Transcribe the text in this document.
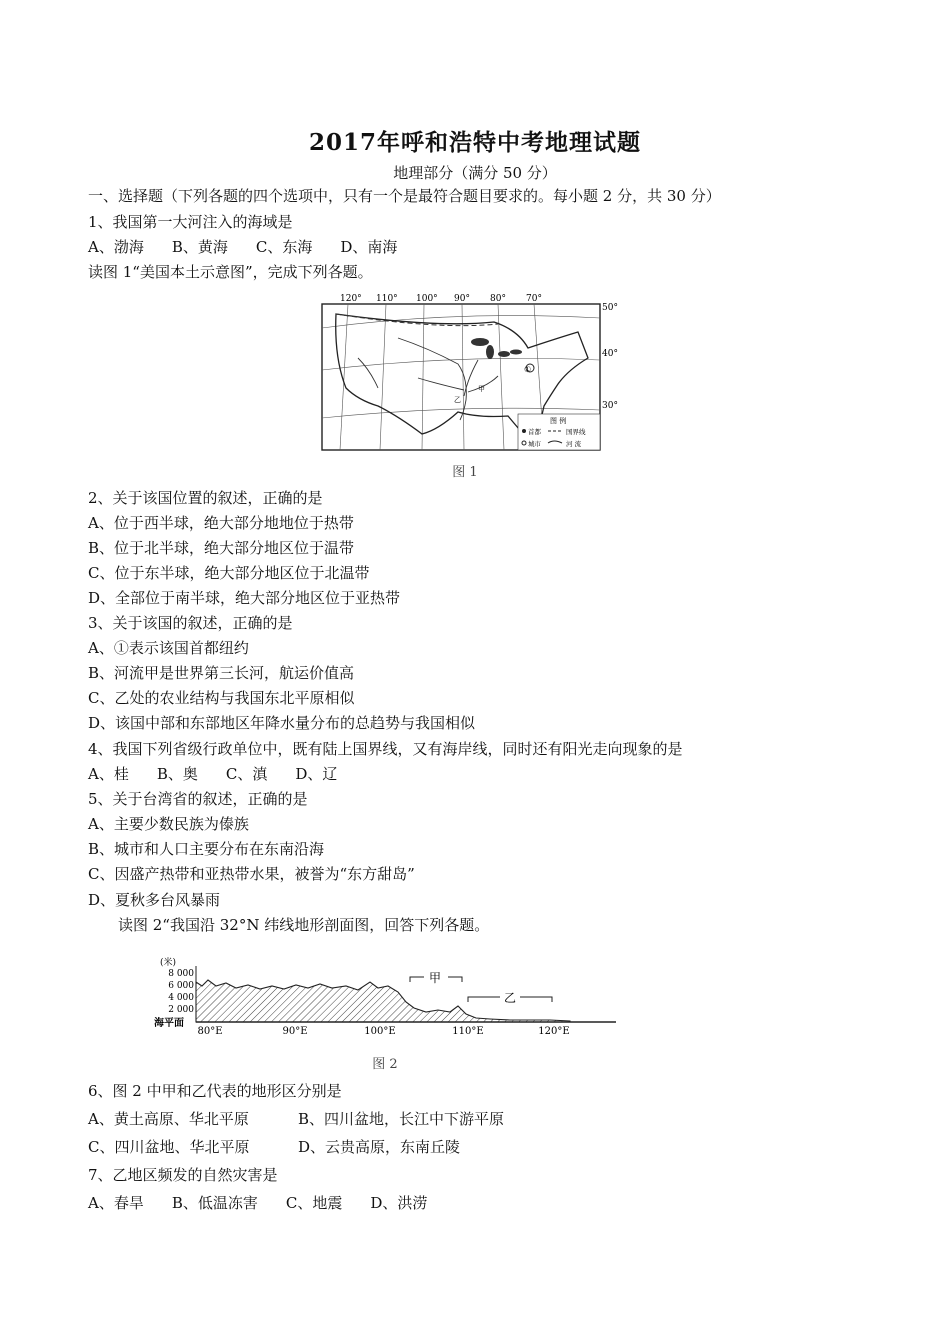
2017年呼和浩特中考地理试题
地理部分（满分 50 分）
一、选择题（下列各题的四个选项中，只有一个是最符合题目要求的。每小题 2 分，共 30 分）
1、我国第一大河注入的海域是
A、渤海 B、黄海 C、东海 D、南海
读图 1“美国本土示意图”，完成下列各题。
①
甲
乙
120° 110° 100° 90° 80° 70°
50°
40°
30°
图 例
首都	国界线
城市	河 流
图 1
2、关于该国位置的叙述，正确的是
A、位于西半球，绝大部分地地位于热带
B、位于北半球，绝大部分地区位于温带
C、位于东半球，绝大部分地区位于北温带
D、全部位于南半球，绝大部分地区位于亚热带
3、关于该国的叙述，正确的是
A、①表示该国首都纽约
B、河流甲是世界第三长河，航运价值高
C、乙处的农业结构与我国东北平原相似
D、该国中部和东部地区年降水量分布的总趋势与我国相似
4、我国下列省级行政单位中，既有陆上国界线，又有海岸线，同时还有阳光走向现象的是
A、桂 B、奥 C、滇 D、辽
5、关于台湾省的叙述，正确的是
A、主要少数民族为傣族
B、城市和人口主要分布在东南沿海
C、因盛产热带和亚热带水果，被誉为“东方甜岛”
D、夏秋多台风暴雨
读图 2“我国沿 32°N 纬线地形剖面图，回答下列各题。
(米)
8 000
6 000
4 000
2 000
海平面
甲
乙
80°E	90°E	100°E	110°E	120°E
图 2
6、图 2 中甲和乙代表的地形区分别是
A、黄土高原、华北平原	B、四川盆地，长江中下游平原
C、四川盆地、华北平原	D、云贵高原，东南丘陵
7、乙地区频发的自然灾害是
A、春旱 B、低温冻害 C、地震 D、洪涝
